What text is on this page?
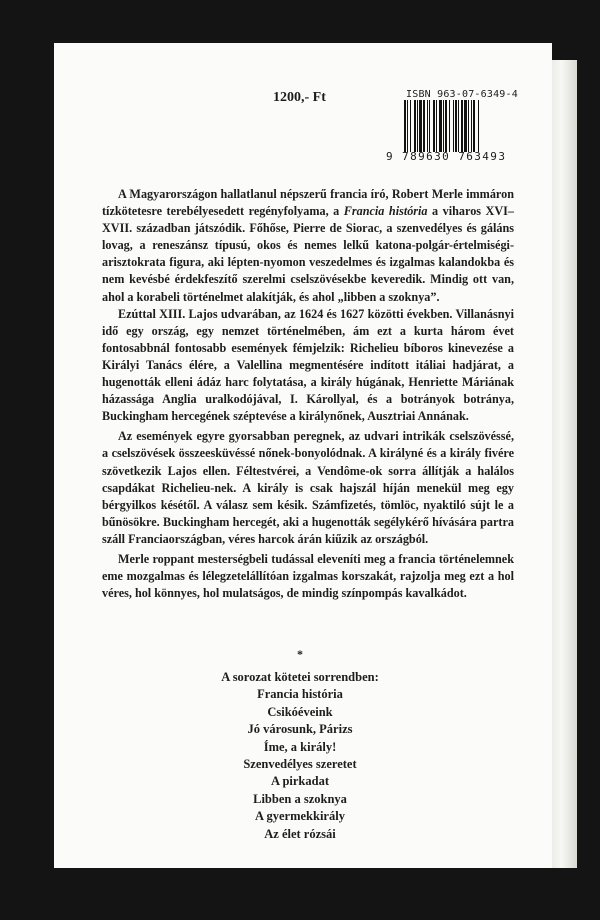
1200,- Ft	ISBN 963-07-6349-4
9 789630 763493

A Magyarországon hallatlanul népszerű francia író, Robert Merle immáron tízkötetesre terebélyesedett regényfolyama, a Francia história a viharos XVI–XVII. században játszódik. Főhőse, Pierre de Siorac, a szenvedélyes és gáláns lovag, a reneszánsz típusú, okos és nemes lelkű katona-polgár-értelmiségi-arisztokrata figura, aki lépten-nyomon veszedelmes és izgalmas kalandokba és nem kevésbé érdekfeszítő szerelmi cselszövésekbe keveredik. Mindig ott van, ahol a korabeli történelmet alakítják, és ahol „libben a szoknya”.

Ezúttal XIII. Lajos udvarában, az 1624 és 1627 közötti években. Villanásnyi idő egy ország, egy nemzet történelmében, ám ezt a kurta három évet fontosabbnál fontosabb események fémjelzik: Richelieu bíboros kinevezése a Királyi Tanács élére, a Valellina megmentésére indított itáliai hadjárat, a hugenották elleni ádáz harc folytatása, a király húgának, Henriette Máriának házassága Anglia uralkodójával, I. Károllyal, és a botrányok botránya, Buckingham hercegének széptevése a királynőnek, Ausztriai Annának.

Az események egyre gyorsabban peregnek, az udvari intrikák cselszövéssé, a cselszövések összeesküvéssé nőnek-bonyolódnak. A királyné és a király fivére szövetkezik Lajos ellen. Féltestvérei, a Vendôme-ok sorra állítják a halálos csapdákat Richelieu-nek. A király is csak hajszál híján menekül meg egy bérgyilkos késétől. A válasz sem késik. Számfizetés, tömlöc, nyaktiló sújt le a bűnösökre. Buckingham hercegét, aki a hugenották segélykérő hívására partra száll Franciaországban, véres harcok árán kiűzik az országból.

Merle roppant mesterségbeli tudással eleveníti meg a francia történelemnek eme mozgalmas és lélegzetelállítóan izgalmas korszakát, rajzolja meg ezt a hol véres, hol könnyes, hol mulatságos, de mindig színpompás kavalkádot.

*
A sorozat kötetei sorrendben:
Francia história
Csikóéveink
Jó városunk, Párizs
Íme, a király!
Szenvedélyes szeretet
A pirkadat
Libben a szoknya
A gyermekkirály
Az élet rózsái
